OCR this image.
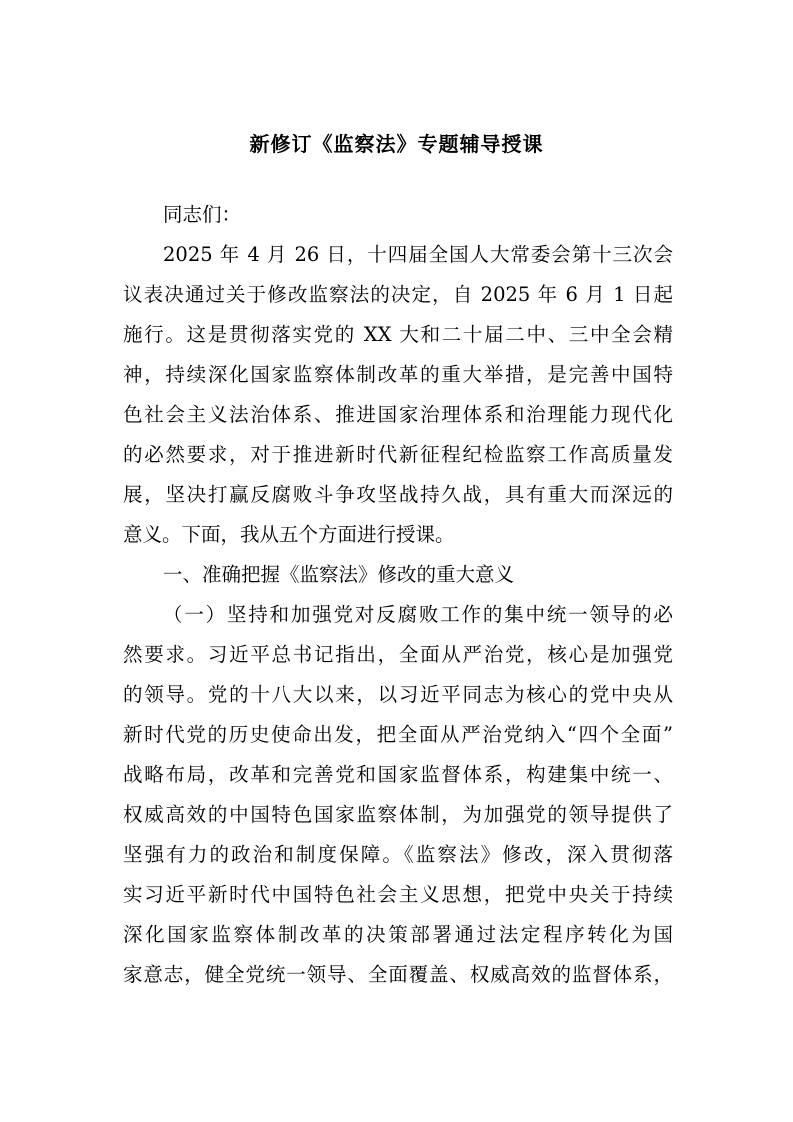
新修订《监察法》专题辅导授课
同志们：
2025 年 4 月 26 日，十四届全国人大常委会第十三次会
议表决通过关于修改监察法的决定，自 2025 年 6 月 1 日起
施行。这是贯彻落实党的 XX 大和二十届二中、三中全会精
神，持续深化国家监察体制改革的重大举措，是完善中国特
色社会主义法治体系、推进国家治理体系和治理能力现代化
的必然要求，对于推进新时代新征程纪检监察工作高质量发
展，坚决打赢反腐败斗争攻坚战持久战，具有重大而深远的
意义。下面，我从五个方面进行授课。
一、准确把握《监察法》修改的重大意义
（一）坚持和加强党对反腐败工作的集中统一领导的必
然要求。习近平总书记指出，全面从严治党，核心是加强党
的领导。党的十八大以来，以习近平同志为核心的党中央从
新时代党的历史使命出发，把全面从严治党纳入“四个全面”
战略布局，改革和完善党和国家监督体系，构建集中统一、
权威高效的中国特色国家监察体制，为加强党的领导提供了
坚强有力的政治和制度保障。《监察法》修改，深入贯彻落
实习近平新时代中国特色社会主义思想，把党中央关于持续
深化国家监察体制改革的决策部署通过法定程序转化为国
家意志，健全党统一领导、全面覆盖、权威高效的监督体系，
